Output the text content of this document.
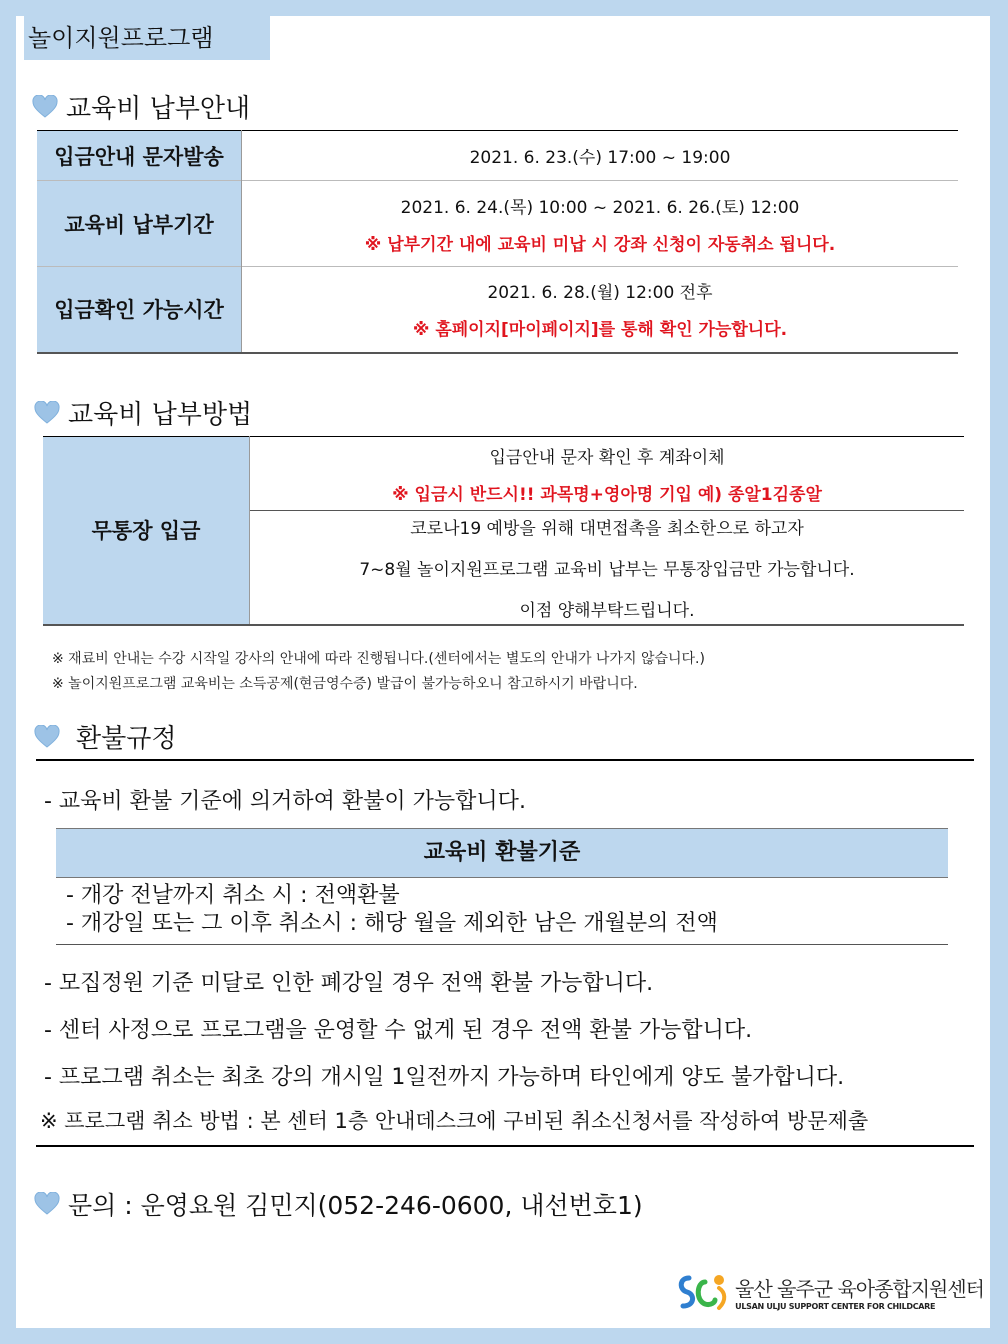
놀이지원프로그램
교육비 납부안내
입금안내 문자발송	2021. 6. 23.(수) 17:00 ~ 19:00

교육비 납부기간	2021. 6. 24.(목) 10:00 ~ 2021. 6. 26.(토) 12:00
※ 납부기간 내에 교육비 미납 시 강좌 신청이 자동취소 됩니다.

입금확인 가능시간	2021. 6. 28.(월) 12:00 전후
※ 홈페이지[마이페이지]를 통해 확인 가능합니다.
교육비 납부방법
무통장 입금	
입금안내 문자 확인 후 계좌이체
※ 입금시 반드시!! 과목명+영아명 기입 예) 종알1김종알

코로나19 예방을 위해 대면접촉을 최소한으로 하고자
7~8월 놀이지원프로그램 교육비 납부는 무통장입금만 가능합니다.
이점 양해부탁드립니다.
※ 재료비 안내는 수강 시작일 강사의 안내에 따라 진행됩니다.(센터에서는 별도의 안내가 나가지 않습니다.)
※ 놀이지원프로그램 교육비는 소득공제(현금영수증) 발급이 불가능하오니 참고하시기 바랍니다.
환불규정
- 교육비 환불 기준에 의거하여 환불이 가능합니다.
교육비 환불기준
- 개강 전날까지 취소 시 : 전액환불
- 개강일 또는 그 이후 취소시 : 해당 월을 제외한 남은 개월분의 전액
- 모집정원 기준 미달로 인한 폐강일 경우 전액 환불 가능합니다.
- 센터 사정으로 프로그램을 운영할 수 없게 된 경우 전액 환불 가능합니다.
- 프로그램 취소는 최초 강의 개시일 1일전까지 가능하며 타인에게 양도 불가합니다.
※ 프로그램 취소 방법 : 본 센터 1층 안내데스크에 구비된 취소신청서를 작성하여 방문제출
문의 : 운영요원 김민지(052-246-0600, 내선번호1)
울산 울주군 육아종합지원센터
ULSAN ULJU SUPPORT CENTER FOR CHILDCARE
